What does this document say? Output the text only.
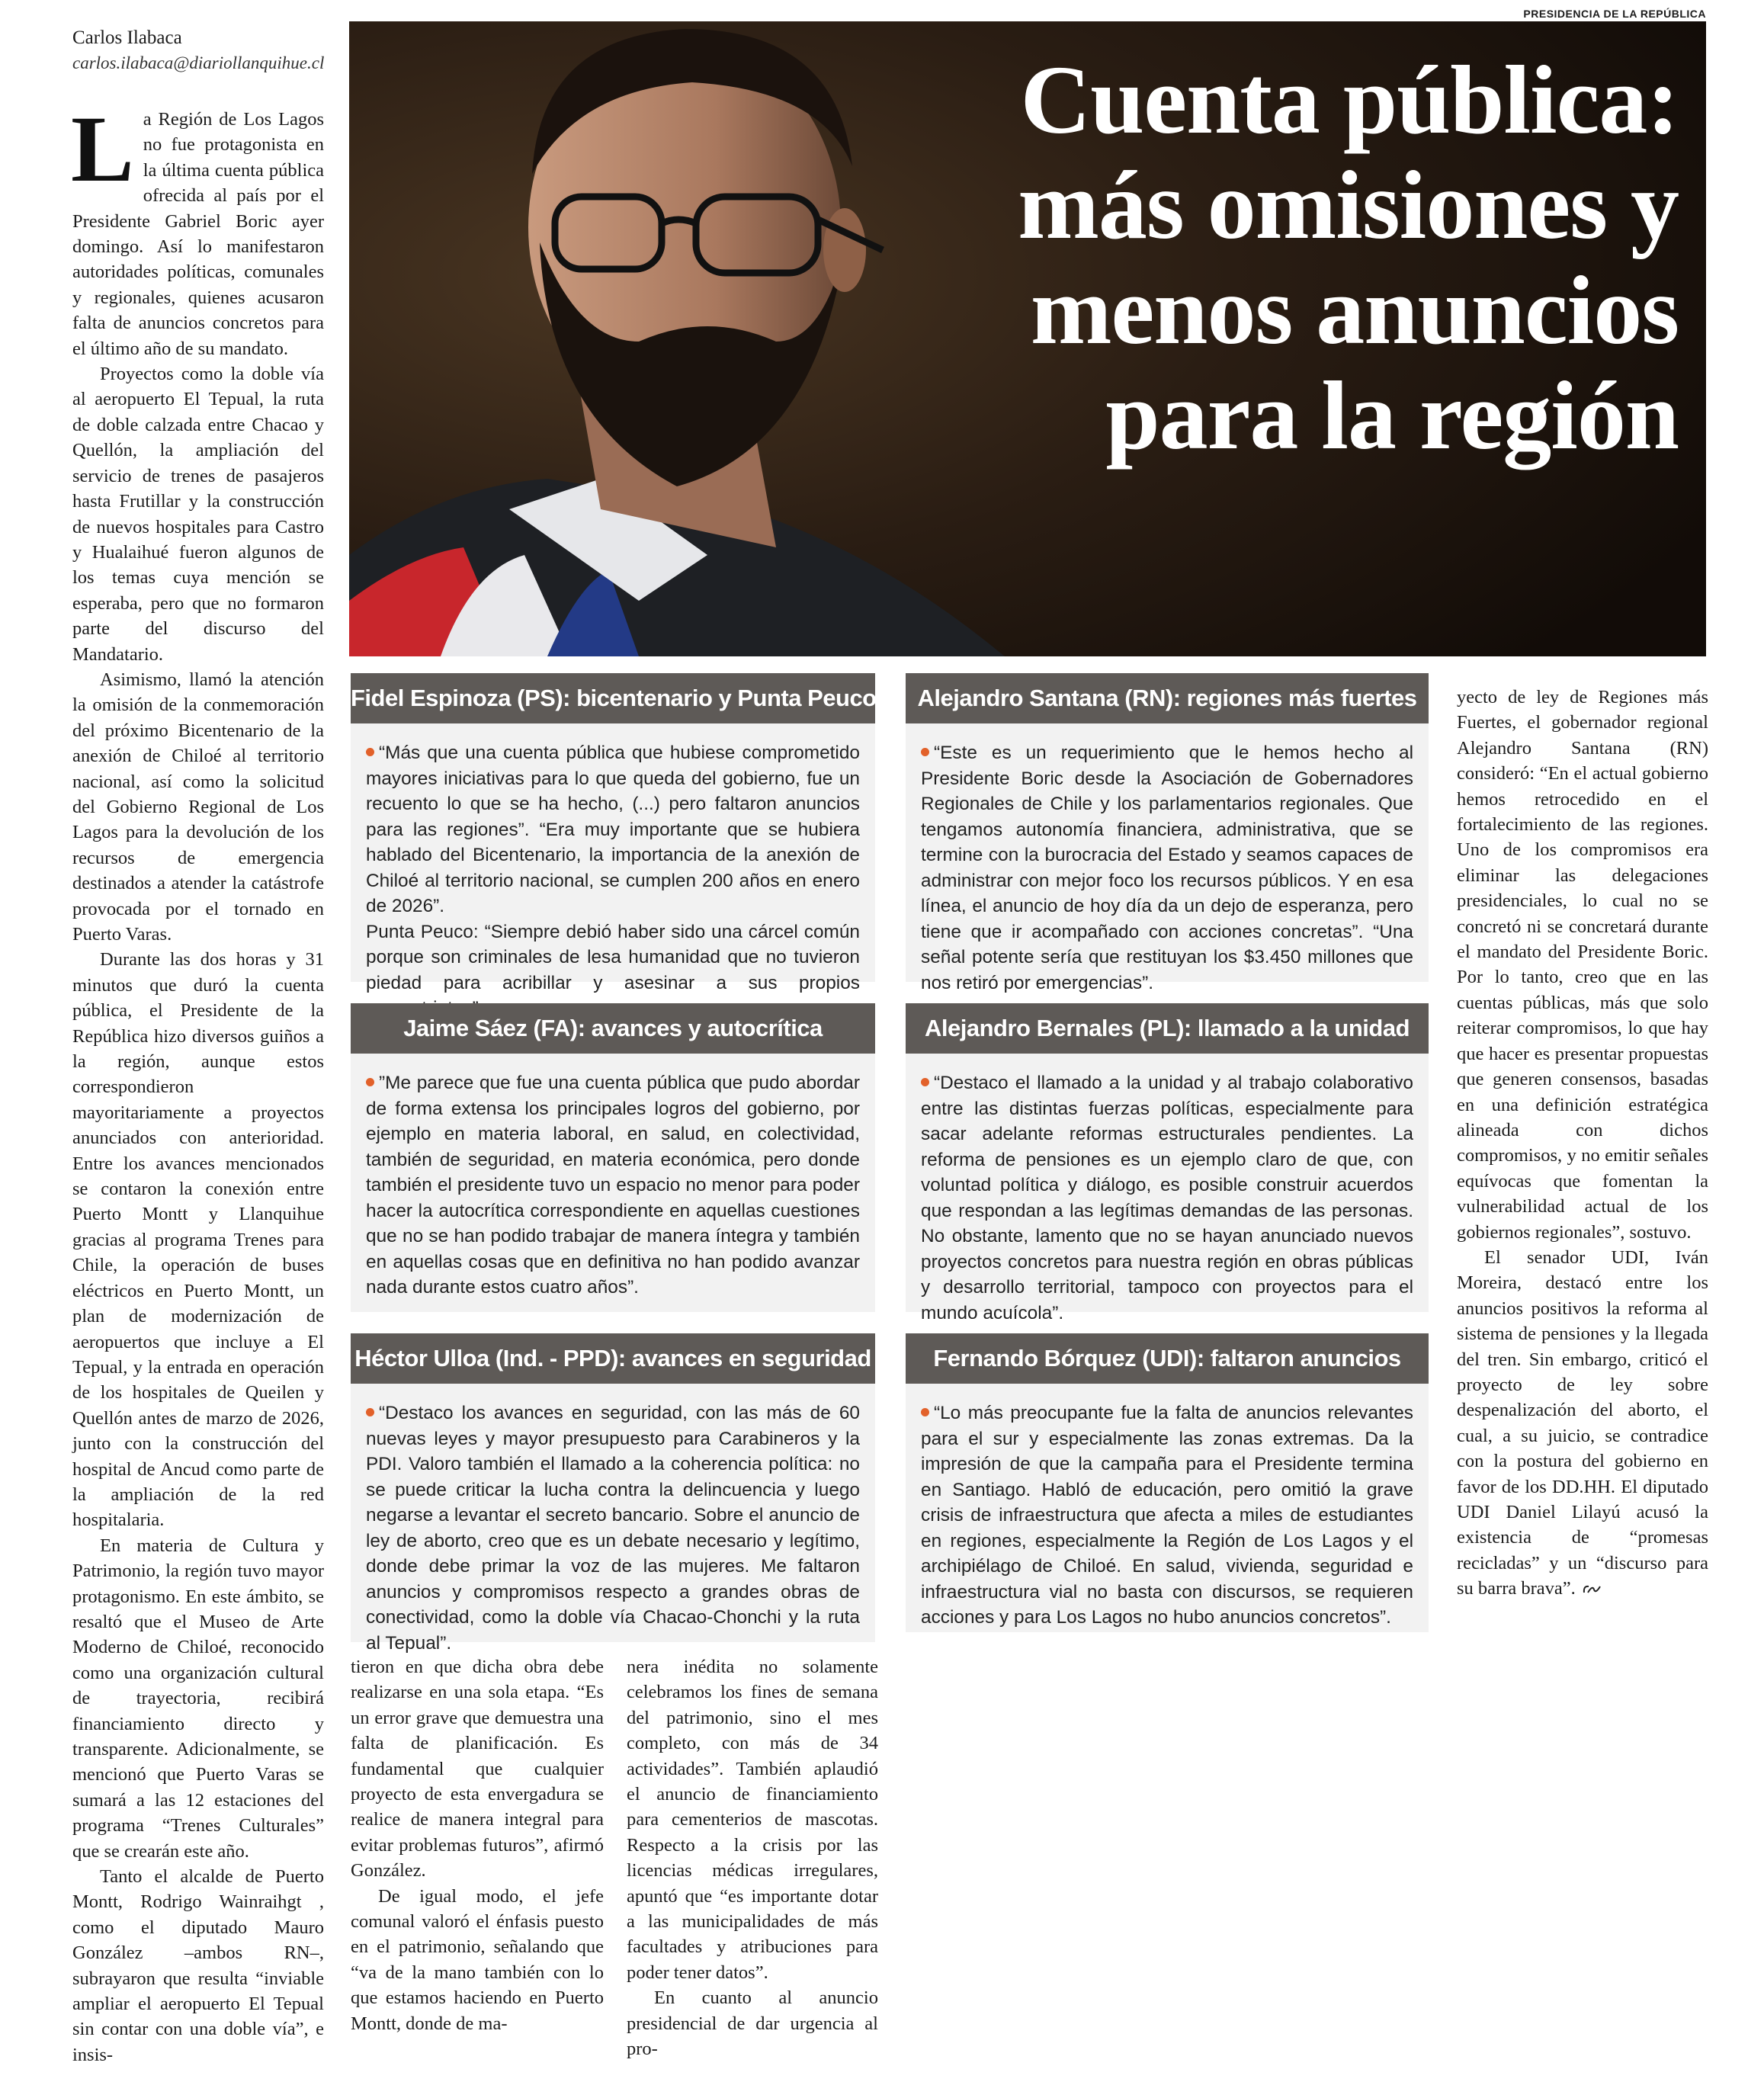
Carlos Ilabaca
carlos.ilabaca@diariollanquihue.cl
PRESIDENCIA DE LA REPÚBLICA
Cuenta pública:
más omisiones y
menos anuncios
para la región

La Región de Los Lagos no fue protagonista en la última cuenta pública ofrecida al país por el Presidente Gabriel Boric ayer domingo. Así lo manifestaron autoridades políticas, comunales y regionales, quienes acusaron falta de anuncios concretos para el último año de su mandato.

Proyectos como la doble vía al aeropuerto El Tepual, la ruta de doble calzada entre Chacao y Quellón, la ampliación del servicio de trenes de pasajeros hasta Frutillar y la construcción de nuevos hospitales para Castro y Hualaihué fueron algunos de los temas cuya mención se esperaba, pero que no formaron parte del discurso del Mandatario.

Asimismo, llamó la atención la omisión de la conmemoración del próximo Bicentenario de la anexión de Chiloé al territorio nacional, así como la solicitud del Gobierno Regional de Los Lagos para la devolución de los recursos de emergencia destinados a atender la catástrofe provocada por el tornado en Puerto Varas.

Durante las dos horas y 31 minutos que duró la cuenta pública, el Presidente de la República hizo diversos guiños a la región, aunque estos correspondieron mayoritariamente a proyectos anunciados con anterioridad. Entre los avances mencionados se contaron la conexión entre Puerto Montt y Llanquihue gracias al programa Trenes para Chile, la operación de buses eléctricos en Puerto Montt, un plan de modernización de aeropuertos que incluye a El Tepual, y la entrada en operación de los hospitales de Queilen y Quellón antes de marzo de 2026, junto con la construcción del hospital de Ancud como parte de la ampliación de la red hospitalaria.

En materia de Cultura y Patrimonio, la región tuvo mayor protagonismo. En este ámbito, se resaltó que el Museo de Arte Moderno de Chiloé, reconocido como una organización cultural de trayectoria, recibirá financiamiento directo y transparente. Adicionalmente, se mencionó que Puerto Varas se sumará a las 12 estaciones del programa “Trenes Culturales” que se crearán este año.

Tanto el alcalde de Puerto Montt, Rodrigo Wainraihgt , como el diputado Mauro González –ambos RN–, subrayaron que resulta “inviable ampliar el aeropuerto El Tepual sin contar con una doble vía”, e insis-

Fidel Espinoza (PS): bicentenario y Punta Peuco

“Más que una cuenta pública que hubiese comprometido mayores iniciativas para lo que queda del gobierno, fue un recuento lo que se ha hecho, (...) pero faltaron anuncios para las regiones”. “Era muy importante que se hubiera hablado del Bicentenario, la importancia de la anexión de Chiloé al territorio nacional, se cumplen 200 años en enero de 2026”.

Punta Peuco: “Siempre debió haber sido una cárcel común porque son criminales de lesa humanidad que no tuvieron piedad para acribillar y asesinar a sus propios

Alejandro Santana (RN): regiones más fuertes

“Este es un requerimiento que le hemos hecho al Presidente Boric desde la Asociación de Gobernadores Regionales de Chile y los parlamentarios regionales. Que tengamos autonomía financiera, administrativa, que se termine con la burocracia del Estado y seamos capaces de administrar con mejor foco los recursos públicos. Y en esa línea, el anuncio de hoy día da un dejo de esperanza, pero tiene que ir acompañado con acciones concretas”. “Una señal potente sería que restituyan los $3.450 millones que nos retiró por emergencias”.

Jaime Sáez (FA): avances y autocrítica

”Me parece que fue una cuenta pública que pudo abordar de forma extensa los principales logros del gobierno, por ejemplo en materia laboral, en salud, en colectividad, también de seguridad, en materia económica, pero donde también el presidente tuvo un espacio no menor para poder hacer la autocrítica correspondiente en aquellas cuestiones que no se han podido trabajar de manera íntegra y también en aquellas cosas que en definitiva no han podido avanzar nada durante estos cuatro años”.

Alejandro Bernales (PL): llamado a la unidad

“Destaco el llamado a la unidad y al trabajo colaborativo entre las distintas fuerzas políticas, especialmente para sacar adelante reformas estructurales pendientes. La reforma de pensiones es un ejemplo claro de que, con voluntad política y diálogo, es posible construir acuerdos que respondan a las legítimas demandas de las personas. No obstante, lamento que no se hayan anunciado nuevos proyectos concretos para nuestra región en obras públicas y desarrollo territorial, tampoco con proyectos para el mundo acuícola”.

Héctor Ulloa (Ind. - PPD): avances en seguridad

“Destaco los avances en seguridad, con las más de 60 nuevas leyes y mayor presupuesto para Carabineros y la PDI. Valoro también el llamado a la coherencia política: no se puede criticar la lucha contra la delincuencia y luego negarse a levantar el secreto bancario. Sobre el anuncio de ley de aborto, creo que es un debate necesario y legítimo, donde debe primar la voz de las mujeres. Me faltaron anuncios y compromisos respecto a grandes obras de conectividad, como la doble vía Chacao-Chonchi y la ruta al Tepual”.

Fernando Bórquez (UDI): faltaron anuncios

“Lo más preocupante fue la falta de anuncios relevantes para el sur y especialmente las zonas extremas. Da la impresión de que la campaña para el Presidente termina en Santiago. Habló de educación, pero omitió la grave crisis de infraestructura que afecta a miles de estudiantes en regiones, especialmente la Región de Los Lagos y el archipiélago de Chiloé. En salud, vivienda, seguridad e infraestructura vial no basta con discursos, se requieren acciones y para Los Lagos no hubo anuncios concretos”.

tieron en que dicha obra debe realizarse en una sola etapa. “Es un error grave que demuestra una falta de planificación. Es fundamental que cualquier proyecto de esta envergadura se realice de manera integral para evitar problemas futuros”, afirmó González.

De igual modo, el jefe comunal valoró el énfasis puesto en el patrimonio, señalando que “va de la mano también con lo que estamos haciendo en Puerto Montt, donde de ma-

nera inédita no solamente celebramos los fines de semana del patrimonio, sino el mes completo, con más de 34 actividades”. También aplaudió el anuncio de financiamiento para cementerios de mascotas. Respecto a la crisis por las licencias médicas irregulares, apuntó que “es importante dotar a las municipalidades de más facultades y atribuciones para poder tener datos”.

En cuanto al anuncio presidencial de dar urgencia al pro-

yecto de ley de Regiones más Fuertes, el gobernador regional Alejandro Santana (RN) consideró: “En el actual gobierno hemos retrocedido en el fortalecimiento de las regiones. Uno de los compromisos era eliminar las delegaciones presidenciales, lo cual no se concretó ni se concretará durante el mandato del Presidente Boric. Por lo tanto, creo que en las cuentas públicas, más que solo reiterar compromisos, lo que hay que hacer es presentar propuestas que generen consensos, basadas en una definición estratégica alineada con dichos compromisos, y no emitir señales equívocas que fomentan la vulnerabilidad actual de los gobiernos regionales”, sostuvo.

El senador UDI, Iván Moreira, destacó entre los anuncios positivos la reforma al sistema de pensiones y la llegada del tren. Sin embargo, criticó el proyecto de ley sobre despenalización del aborto, el cual, a su juicio, se contradice con la postura del gobierno en favor de los DD.HH. El diputado UDI Daniel Lilayú acusó la existencia de “promesas recicladas” y un “discurso para su barra brava”.
